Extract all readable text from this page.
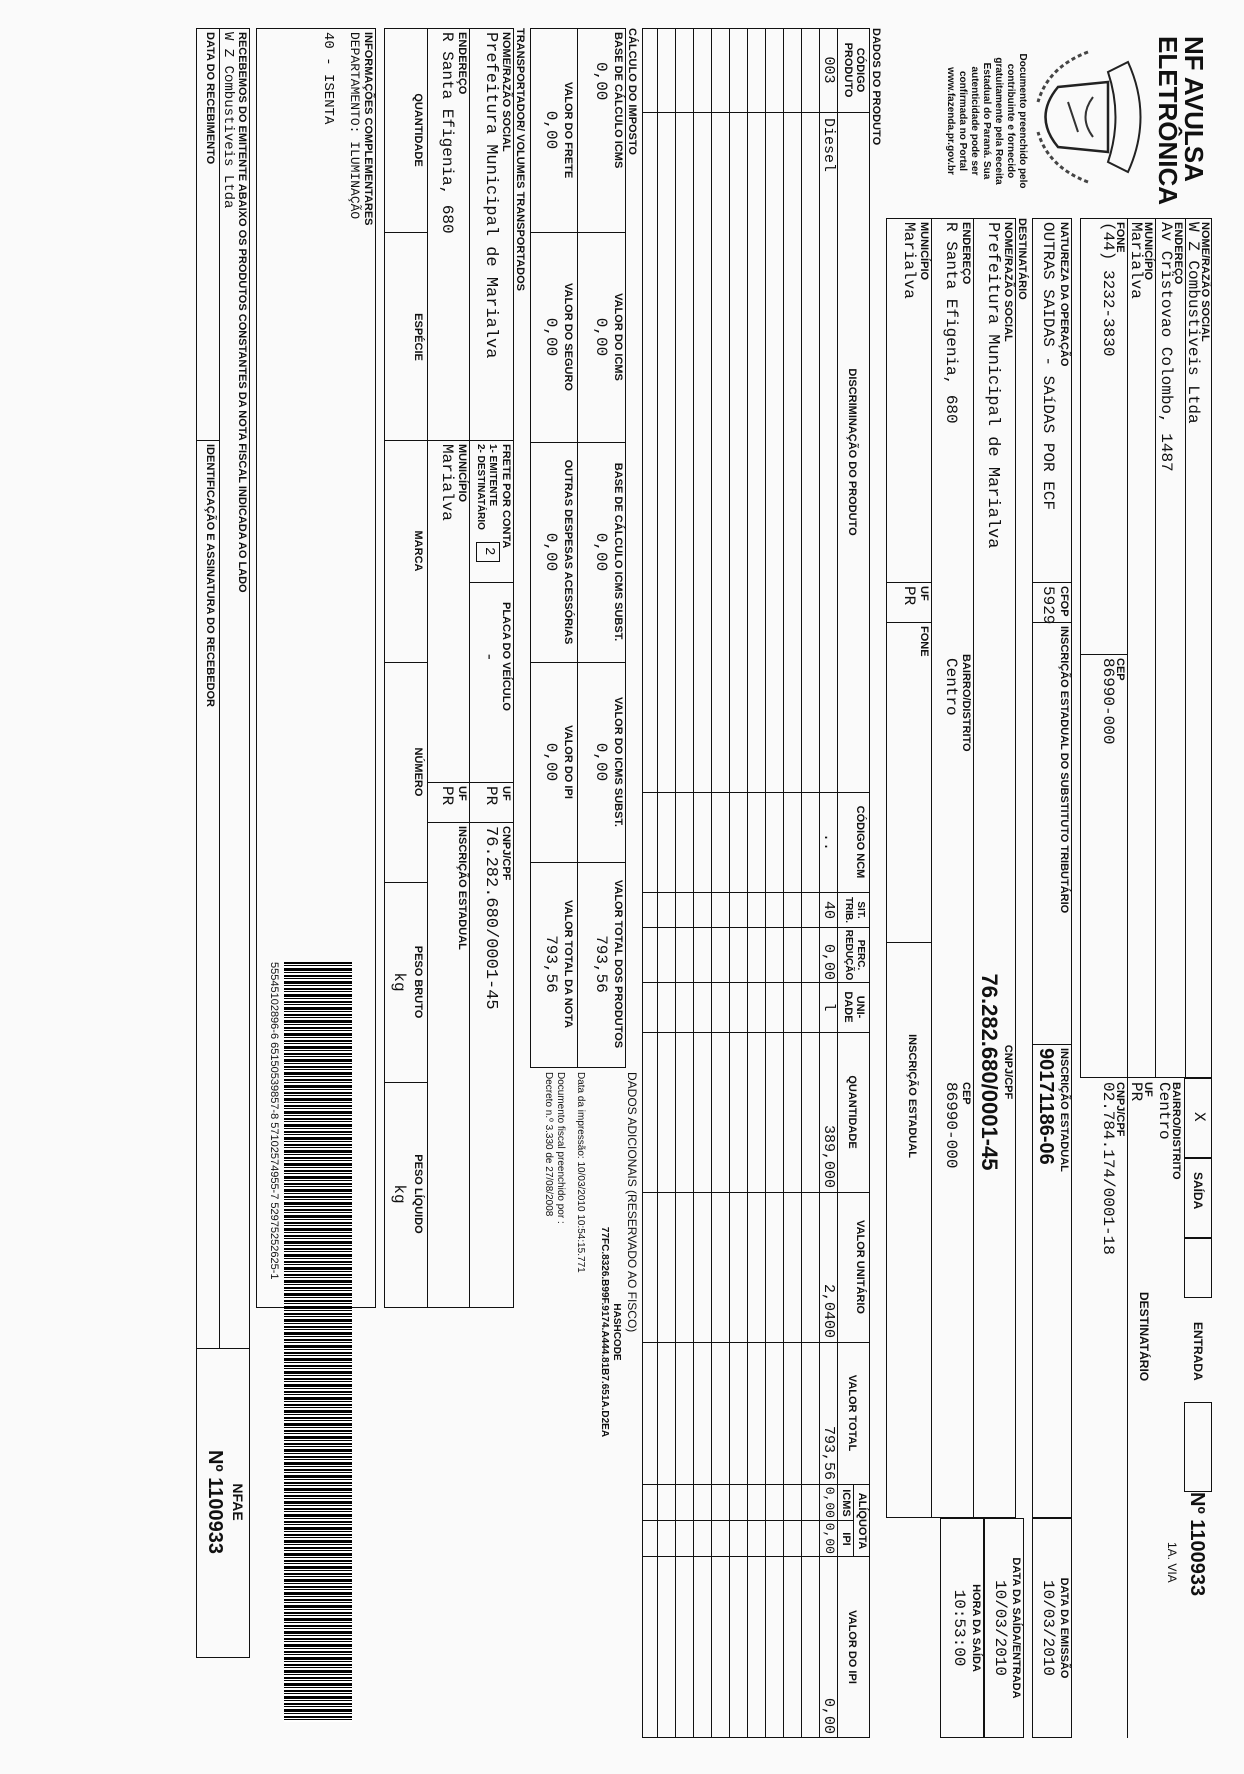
NF AVULSA
ELETRÔNICA
Documento preenchido pelo
contribuinte e fornecido
gratuitamente pela Receita
Estadual do Paraná. Sua
autenticidade pode ser
confirmada no Portal
www.fazenda.pr.gov.br
NOME/RAZÃO SOCIAL
W Z Combustiveis Ltda
ENDEREÇO
Av Cristovao Colombo, 1487
MUNICÍPIO
Marialva
FONE
(44) 3232-3830
CEP
86990-000
X
SAÍDA
ENTRADA
Nº 1100933
1A. VIA
DESTINATÁRIO
BAIRRO/DISTRITO
Centro
UF
PR
CNPJ/CPF
02.784.174/0001-18
NATUREZA DA OPERAÇÃO
OUTRAS SAIDAS - SAíDAS POR ECF
CFOP
5929
INSCRIÇÃO ESTADUAL DO SUBSTITUTO TRIBUTÁRIO
INSCRIÇÃO ESTADUAL
90171186-06
DATA DA EMISSÃO
10/03/2010
DATA DA SAÍDA/ENTRADA
10/03/2010
HORA DA SAÍDA
10:53:00
DESTINATÁRIO
NOME/RAZÃO SOCIAL
Prefeitura Municipal de Marialva
CNPJ/CPF
76.282.680/0001-45
ENDEREÇO
R Santa Efigenia, 680
BAIRRO/DISTRITO
Centro
CEP
86990-000
MUNICÍPIO
Marialva
UF
PR
FONE
INSCRIÇÃO ESTADUAL
DADOS DO PRODUTO
CÓDIGO PRODUTO
DISCRIMINAÇÃO DO PRODUTO
CÓDIGO NCM
SIT. TRIB.
PERC. REDUÇÃO
UNI-DADE
QUANTIDADE
VALOR UNITÁRIO
VALOR TOTAL
ALÍQUOTA
ICMS
IPI
VALOR DO IPI
003
Diesel
..
40
0,00
l
389,000
2,0400
793,56
0,00
0,00
0,00
CÁLCULO DO IMPOSTO
BASE DE CÁLCULO ICMS
0,00
VALOR DO ICMS
0,00
BASE DE CÁLCULO ICMS SUBST.
0,00
VALOR DO ICMS SUBST.
0,00
VALOR TOTAL DOS PRODUTOS
793,56
VALOR DO FRETE
0,00
VALOR DO SEGURO
0,00
OUTRAS DESPESAS ACESSÓRIAS
0,00
VALOR DO IPI
0,00
VALOR TOTAL DA NOTA
793,56
DADOS ADICIONAIS (RESERVADO AO FISCO)
HASHCODE
77FC.8326.B99F.9174.A444.81B7.651A.D2EA
Data da impressão: 10/03/2010 10:54:15.771
Documento fiscal preenchido por :
Decreto n.º 3.330 de 27/08/2008
TRANSPORTADOR/ VOLUMES TRANSPORTADOS
NOME/RAZÃO SOCIAL
Prefeitura Municipal de Marialva
FRETE POR CONTA
1- EMITENTE
2- DESTINATÁRIO
2
PLACA DO VEÍCULO
-
UF
PR
CNPJ/CPF
76.282.680/0001-45
ENDEREÇO
R Santa Efigenia, 680
MUNICÍPIO
Marialva
UF
PR
INSCRIÇÃO ESTADUAL
QUANTIDADE
ESPÉCIE
MARCA
NÚMERO
PESO BRUTO
kg
PESO LÍQUIDO
kg
INFORMAÇÕES COMPLEMENTARES
DEPARTAMENTO: ILUMINAÇÃO
40 - ISENTA
55545102896-6 65150539857-8 57102574955-7 52975252625-1
RECEBEMOS DO EMITENTE ABAIXO OS PRODUTOS CONSTANTES DA NOTA FISCAL INDICADA AO LADO
W Z Combustiveis Ltda
DATA DO RECEBIMENTO
IDENTIFICAÇÃO E ASSINATURA DO RECEBEDOR
NFAE
Nº 1100933
